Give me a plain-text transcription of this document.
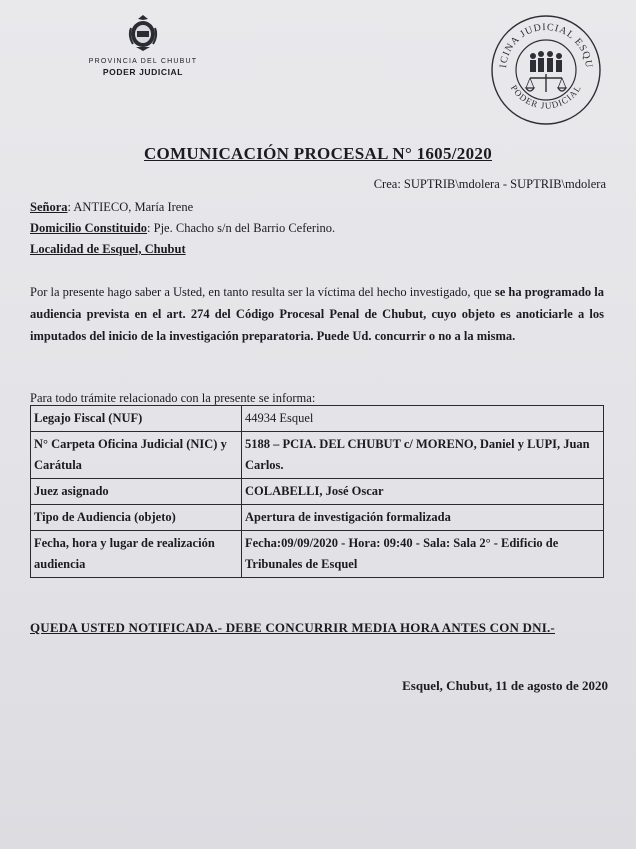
PROVINCIA DEL CHUBUT
PODER JUDICIAL
ICINA JUDICIAL ESQU
PODER JUDICIAL
COMUNICACIÓN PROCESAL N° 1605/2020
Crea: SUPTRIB\mdolera - SUPTRIB\mdolera
Señora: ANTIECO, María Irene
Domicilio Constituido: Pje. Chacho s/n del Barrio Ceferino.
Localidad de Esquel, Chubut
Por la presente hago saber a Usted, en tanto resulta ser la víctima del hecho investigado, que se ha programado la audiencia prevista en el art. 274 del Código Procesal Penal de Chubut, cuyo objeto es anoticiarle a los imputados del inicio de la investigación preparatoria. Puede Ud. concurrir o no a la misma.
Para todo trámite relacionado con la presente se informa:
Legajo Fiscal (NUF)	44934 Esquel
N° Carpeta Oficina Judicial (NIC) y Carátula	5188 – PCIA. DEL CHUBUT c/ MORENO, Daniel y LUPI, Juan Carlos.
Juez asignado	COLABELLI, José Oscar
Tipo de Audiencia (objeto)	Apertura de investigación formalizada
Fecha, hora y lugar de realización audiencia	Fecha:09/09/2020 - Hora: 09:40 - Sala: Sala 2° - Edificio de Tribunales de Esquel
QUEDA USTED NOTIFICADA.- DEBE CONCURRIR MEDIA HORA ANTES CON DNI.-
Esquel, Chubut, 11 de agosto de 2020
